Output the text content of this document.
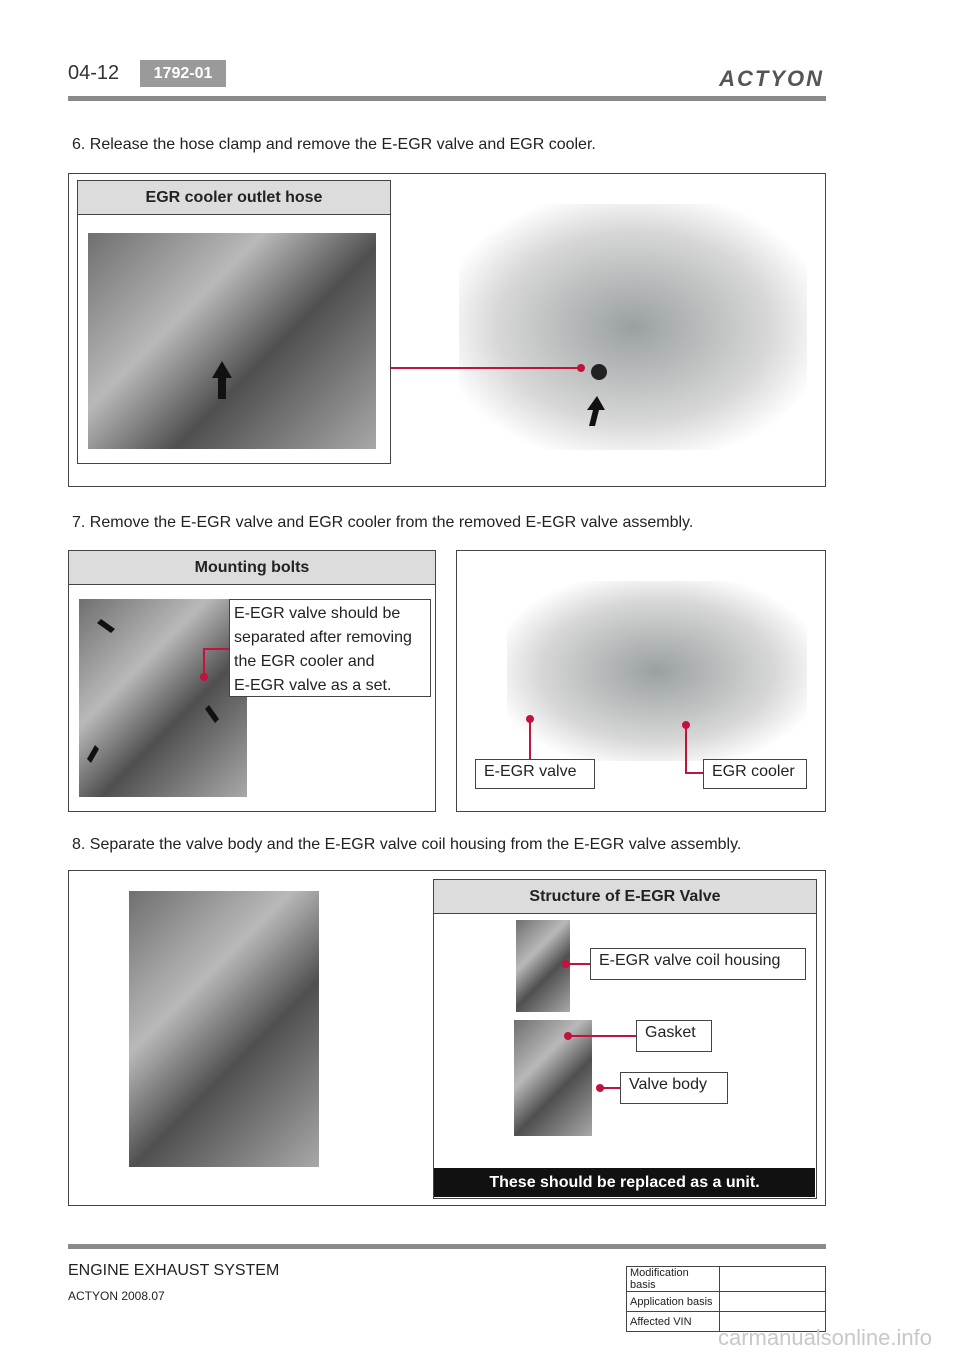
04-12	1792-01	ACTYON
6. Release the hose clamp and remove the E-EGR valve and EGR cooler.
EGR cooler outlet hose
7. Remove the E-EGR valve and EGR cooler from the removed E-EGR valve assembly.
Mounting bolts
E-EGR valve should be
separated after removing
the EGR cooler and
E-EGR valve as a set.
E-EGR valve	EGR cooler
8. Separate the valve body and the E-EGR valve coil housing from the E-EGR valve assembly.
Structure of E-EGR Valve
E-EGR valve coil housing
Gasket
Valve body
These should be replaced as a unit.
ENGINE EXHAUST SYSTEM
ACTYON 2008.07
Modification basis	
Application basis	
Affected VIN	
carmanualsonline.info
